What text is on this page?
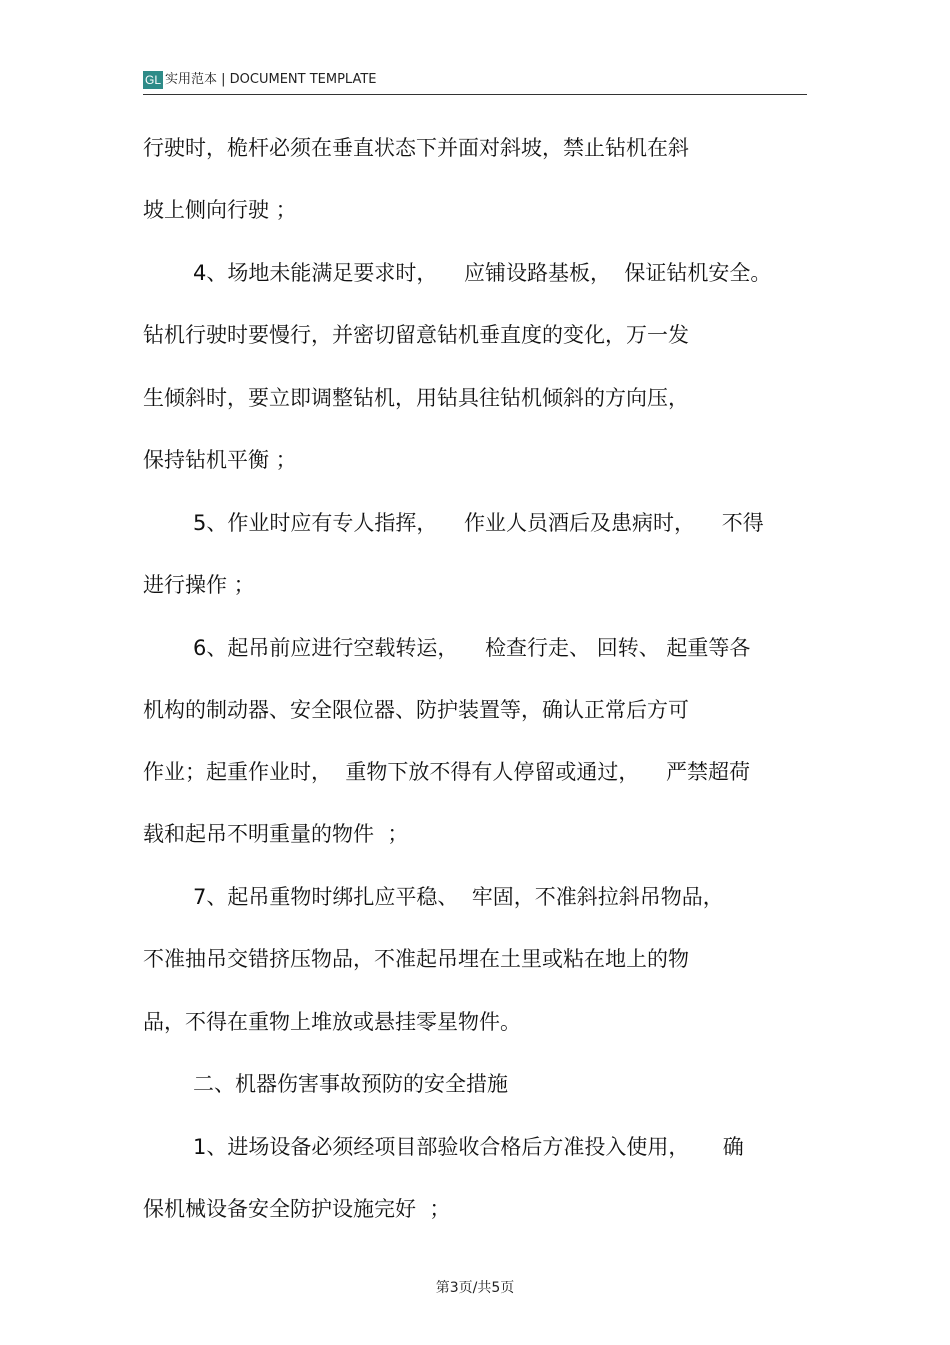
GL 实用范本 | DOCUMENT TEMPLATE
行驶时，桅杆必须在垂直状态下并面对斜坡，禁止钻机在斜
坡上侧向行驶 ；
4、场地未能满足要求时，    应铺设路基板，  保证钻机安全。
钻机行驶时要慢行，并密切留意钻机垂直度的变化，万一发
生倾斜时，要立即调整钻机，用钻具往钻机倾斜的方向压，
保持钻机平衡 ；
5、作业时应有专人指挥，    作业人员酒后及患病时，    不得
进行操作 ；
6、起吊前应进行空载转运，    检查行走、 回转、 起重等各
机构的制动器、安全限位器、防护装置等，确认正常后方可
作业；起重作业时，  重物下放不得有人停留或通过，    严禁超荷
载和起吊不明重量的物件  ；
7、起吊重物时绑扎应平稳、  牢固，不准斜拉斜吊物品，
不准抽吊交错挤压物品，不准起吊埋在土里或粘在地上的物
品，不得在重物上堆放或悬挂零星物件。
二、机器伤害事故预防的安全措施
1、进场设备必须经项目部验收合格后方准投入使用，     确
保机械设备安全防护设施完好  ；
第3页/共5页
